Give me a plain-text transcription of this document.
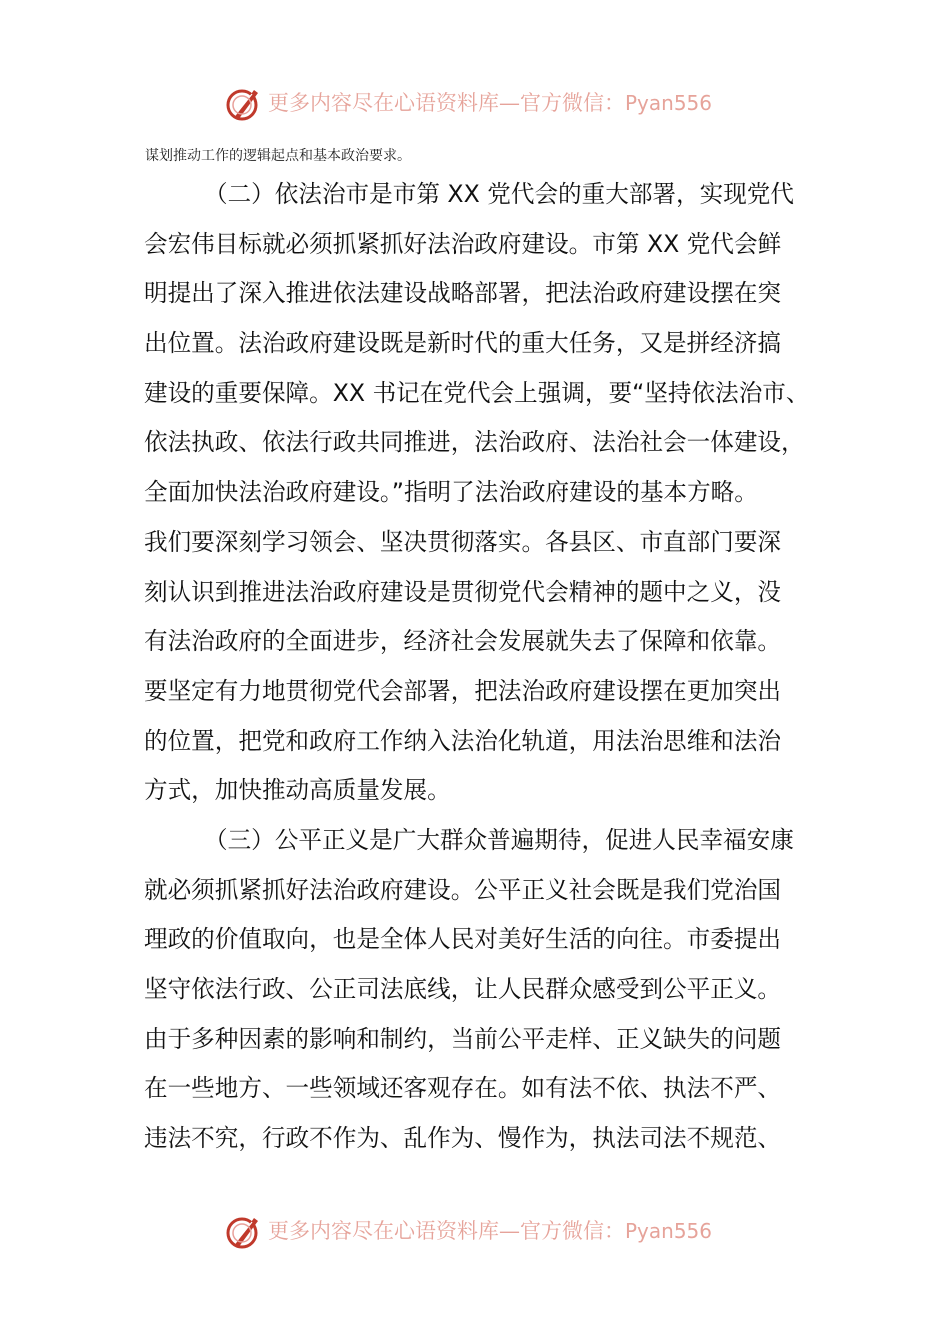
更多内容尽在心语资料库—官方微信：Pyan556
谋划推动工作的逻辑起点和基本政治要求。
（二）依法治市是市第 XX 党代会的重大部署，实现党代
会宏伟目标就必须抓紧抓好法治政府建设。市第 XX 党代会鲜
明提出了深入推进依法建设战略部署，把法治政府建设摆在突
出位置。法治政府建设既是新时代的重大任务，又是拼经济搞
建设的重要保障。XX 书记在党代会上强调，要“坚持依法治市、
依法执政、依法行政共同推进，法治政府、法治社会一体建设，
全面加快法治政府建设。”指明了法治政府建设的基本方略。
我们要深刻学习领会、坚决贯彻落实。各县区、市直部门要深
刻认识到推进法治政府建设是贯彻党代会精神的题中之义，没
有法治政府的全面进步，经济社会发展就失去了保障和依靠。
要坚定有力地贯彻党代会部署，把法治政府建设摆在更加突出
的位置，把党和政府工作纳入法治化轨道，用法治思维和法治
方式，加快推动高质量发展。
（三）公平正义是广大群众普遍期待，促进人民幸福安康
就必须抓紧抓好法治政府建设。公平正义社会既是我们党治国
理政的价值取向，也是全体人民对美好生活的向往。市委提出
坚守依法行政、公正司法底线，让人民群众感受到公平正义。
由于多种因素的影响和制约，当前公平走样、正义缺失的问题
在一些地方、一些领域还客观存在。如有法不依、执法不严、
违法不究，行政不作为、乱作为、慢作为，执法司法不规范、
更多内容尽在心语资料库—官方微信：Pyan556
